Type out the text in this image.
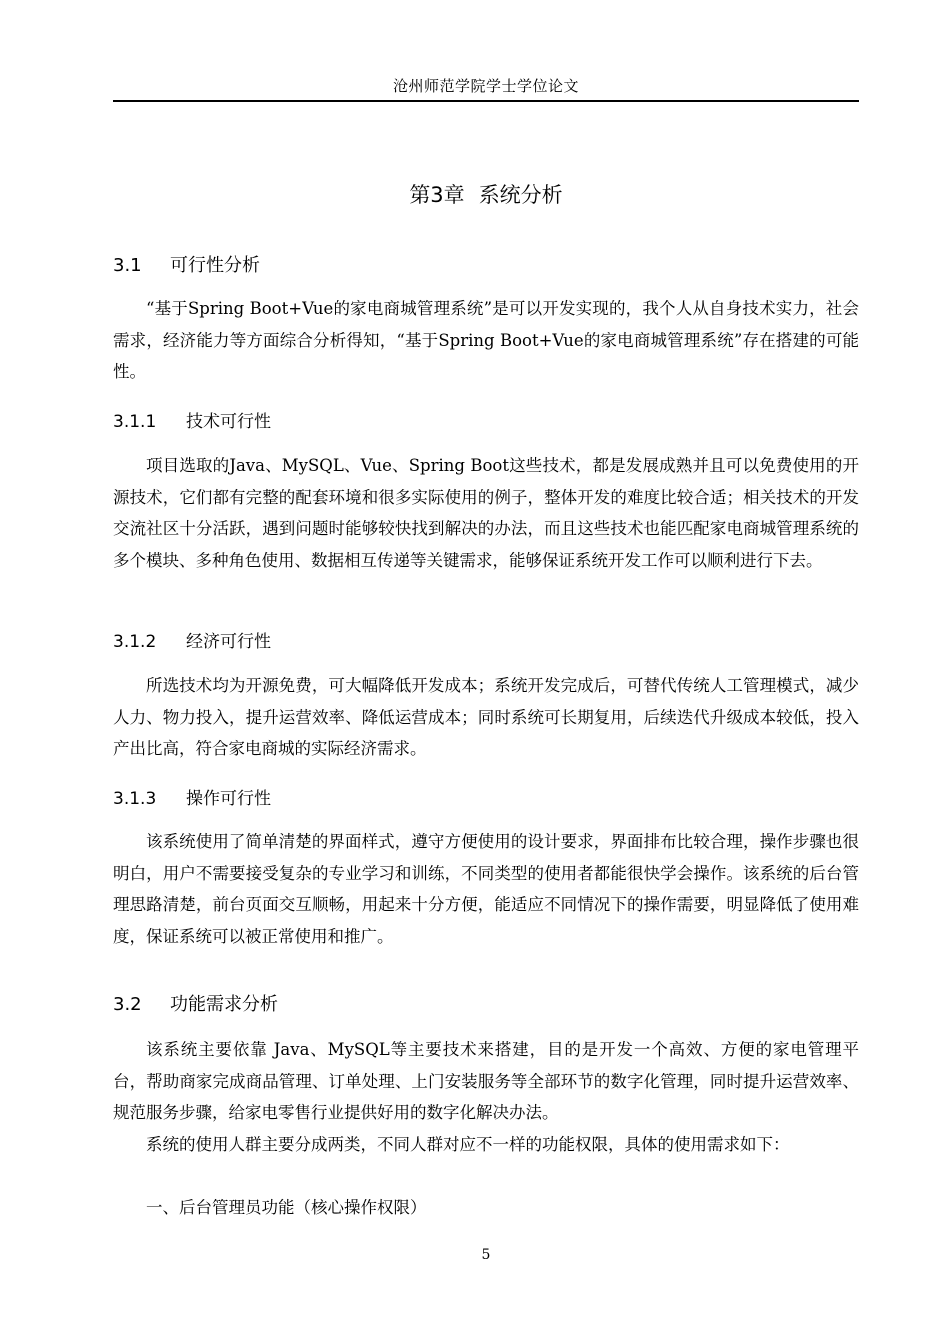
沧州师范学院学士学位论文
第3章 系统分析
3.1 可行性分析

“基于Spring Boot+Vue的家电商城管理系统”是可以开发实现的，我个人从自身技术实力，社会需求，经济能力等方面综合分析得知，“基于Spring Boot+Vue的家电商城管理系统”存在搭建的可能性。

3.1.1 技术可行性

项目选取的Java、MySQL、Vue、Spring Boot这些技术，都是发展成熟并且可以免费使用的开源技术，它们都有完整的配套环境和很多实际使用的例子，整体开发的难度比较合适；相关技术的开发交流社区十分活跃，遇到问题时能够较快找到解决的办法，而且这些技术也能匹配家电商城管理系统的多个模块、多种角色使用、数据相互传递等关键需求，能够保证系统开发工作可以顺利进行下去。

3.1.2 经济可行性

所选技术均为开源免费，可大幅降低开发成本；系统开发完成后，可替代传统人工管理模式，减少人力、物力投入，提升运营效率、降低运营成本；同时系统可长期复用，后续迭代升级成本较低，投入产出比高，符合家电商城的实际经济需求。

3.1.3 操作可行性

该系统使用了简单清楚的界面样式，遵守方便使用的设计要求，界面排布比较合理，操作步骤也很明白，用户不需要接受复杂的专业学习和训练，不同类型的使用者都能很快学会操作。该系统的后台管理思路清楚，前台页面交互顺畅，用起来十分方便，能适应不同情况下的操作需要，明显降低了使用难度，保证系统可以被正常使用和推广。

3.2 功能需求分析

该系统主要依靠 Java、MySQL等主要技术来搭建，目的是开发一个高效、方便的家电管理平台，帮助商家完成商品管理、订单处理、上门安装服务等全部环节的数字化管理，同时提升运营效率、规范服务步骤，给家电零售行业提供好用的数字化解决办法。

系统的使用人群主要分成两类，不同人群对应不一样的功能权限，具体的使用需求如下：

一、后台管理员功能（核心操作权限）

5
